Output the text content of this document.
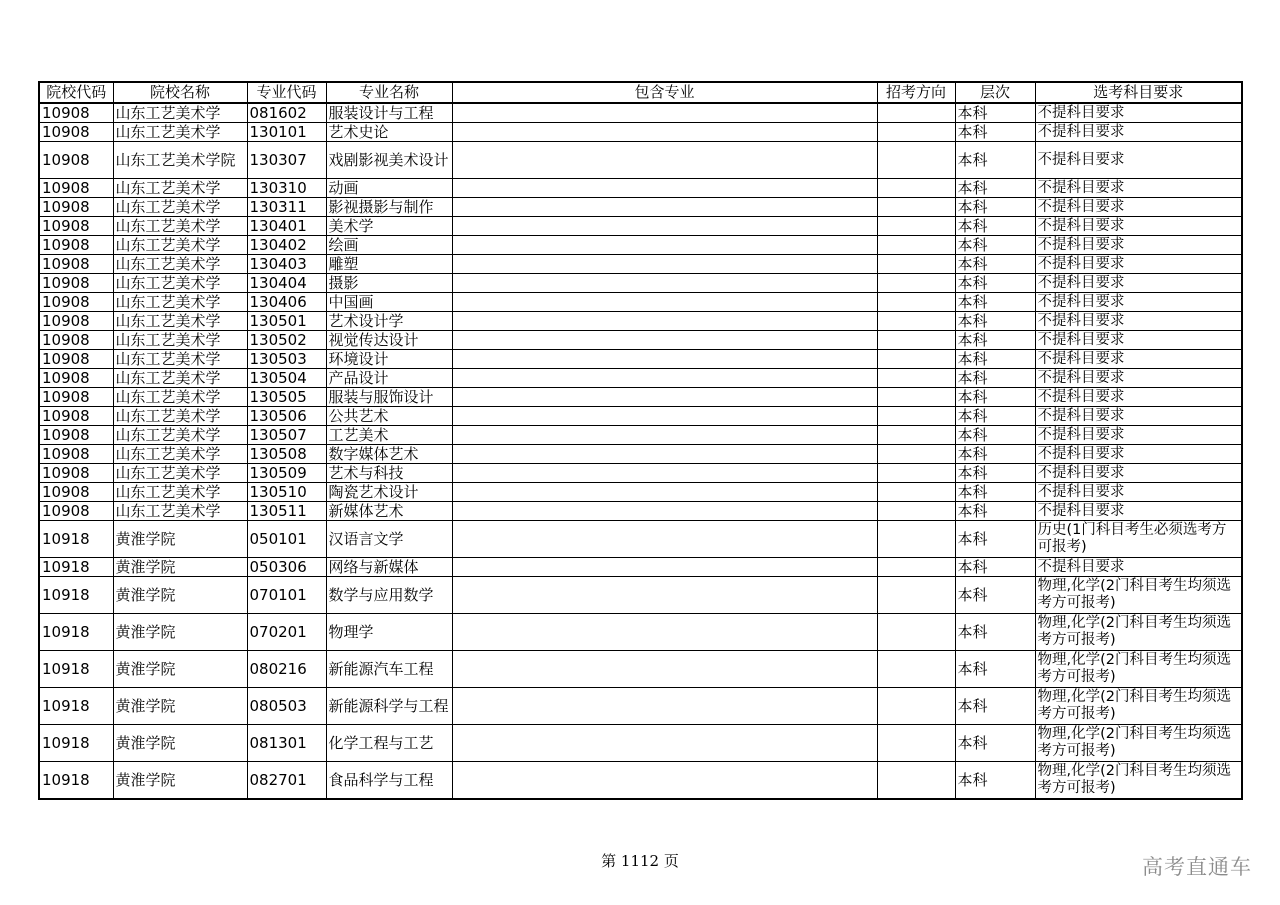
院校代码	院校名称	专业代码	专业名称	包含专业	招考方向	层次	选考科目要求
10908	山东工艺美术学	081602	服装设计与工程			本科	不提科目要求
10908	山东工艺美术学	130101	艺术史论			本科	不提科目要求
10908	山东工艺美术学院	130307	戏剧影视美术设计			本科	不提科目要求
10908	山东工艺美术学	130310	动画			本科	不提科目要求
10908	山东工艺美术学	130311	影视摄影与制作			本科	不提科目要求
10908	山东工艺美术学	130401	美术学			本科	不提科目要求
10908	山东工艺美术学	130402	绘画			本科	不提科目要求
10908	山东工艺美术学	130403	雕塑			本科	不提科目要求
10908	山东工艺美术学	130404	摄影			本科	不提科目要求
10908	山东工艺美术学	130406	中国画			本科	不提科目要求
10908	山东工艺美术学	130501	艺术设计学			本科	不提科目要求
10908	山东工艺美术学	130502	视觉传达设计			本科	不提科目要求
10908	山东工艺美术学	130503	环境设计			本科	不提科目要求
10908	山东工艺美术学	130504	产品设计			本科	不提科目要求
10908	山东工艺美术学	130505	服装与服饰设计			本科	不提科目要求
10908	山东工艺美术学	130506	公共艺术			本科	不提科目要求
10908	山东工艺美术学	130507	工艺美术			本科	不提科目要求
10908	山东工艺美术学	130508	数字媒体艺术			本科	不提科目要求
10908	山东工艺美术学	130509	艺术与科技			本科	不提科目要求
10908	山东工艺美术学	130510	陶瓷艺术设计			本科	不提科目要求
10908	山东工艺美术学	130511	新媒体艺术			本科	不提科目要求
10918	黄淮学院	050101	汉语言文学			本科	历史(1门科目考生必须选考方可报考)
10918	黄淮学院	050306	网络与新媒体			本科	不提科目要求
10918	黄淮学院	070101	数学与应用数学			本科	物理,化学(2门科目考生均须选考方可报考)
10918	黄淮学院	070201	物理学			本科	物理,化学(2门科目考生均须选考方可报考)
10918	黄淮学院	080216	新能源汽车工程			本科	物理,化学(2门科目考生均须选考方可报考)
10918	黄淮学院	080503	新能源科学与工程			本科	物理,化学(2门科目考生均须选考方可报考)
10918	黄淮学院	081301	化学工程与工艺			本科	物理,化学(2门科目考生均须选考方可报考)
10918	黄淮学院	082701	食品科学与工程			本科	物理,化学(2门科目考生均须选考方可报考)
第 1112 页	高考直通车
